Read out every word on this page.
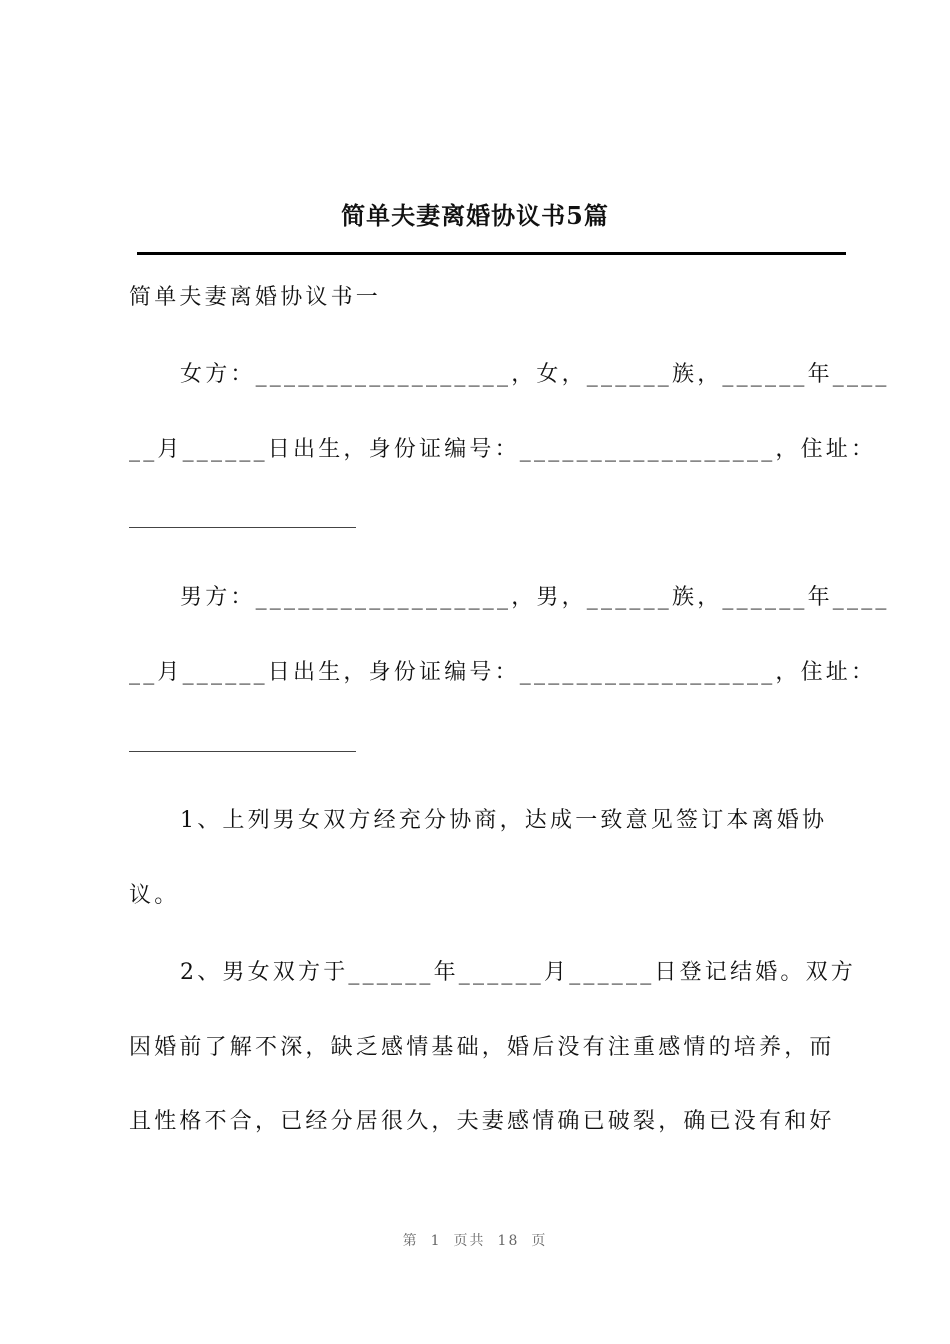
简单夫妻离婚协议书5篇
简单夫妻离婚协议书一
女方：__________________，女，______族，______年____
__月______日出生，身份证编号：__________________，住址：
男方：__________________，男，______族，______年____
__月______日出生，身份证编号：__________________，住址：
1、上列男女双方经充分协商，达成一致意见签订本离婚协
议。
2、男女双方于______年______月______日登记结婚。双方
因婚前了解不深，缺乏感情基础，婚后没有注重感情的培养，而
且性格不合，已经分居很久，夫妻感情确已破裂，确已没有和好
第 1 页共 18 页
